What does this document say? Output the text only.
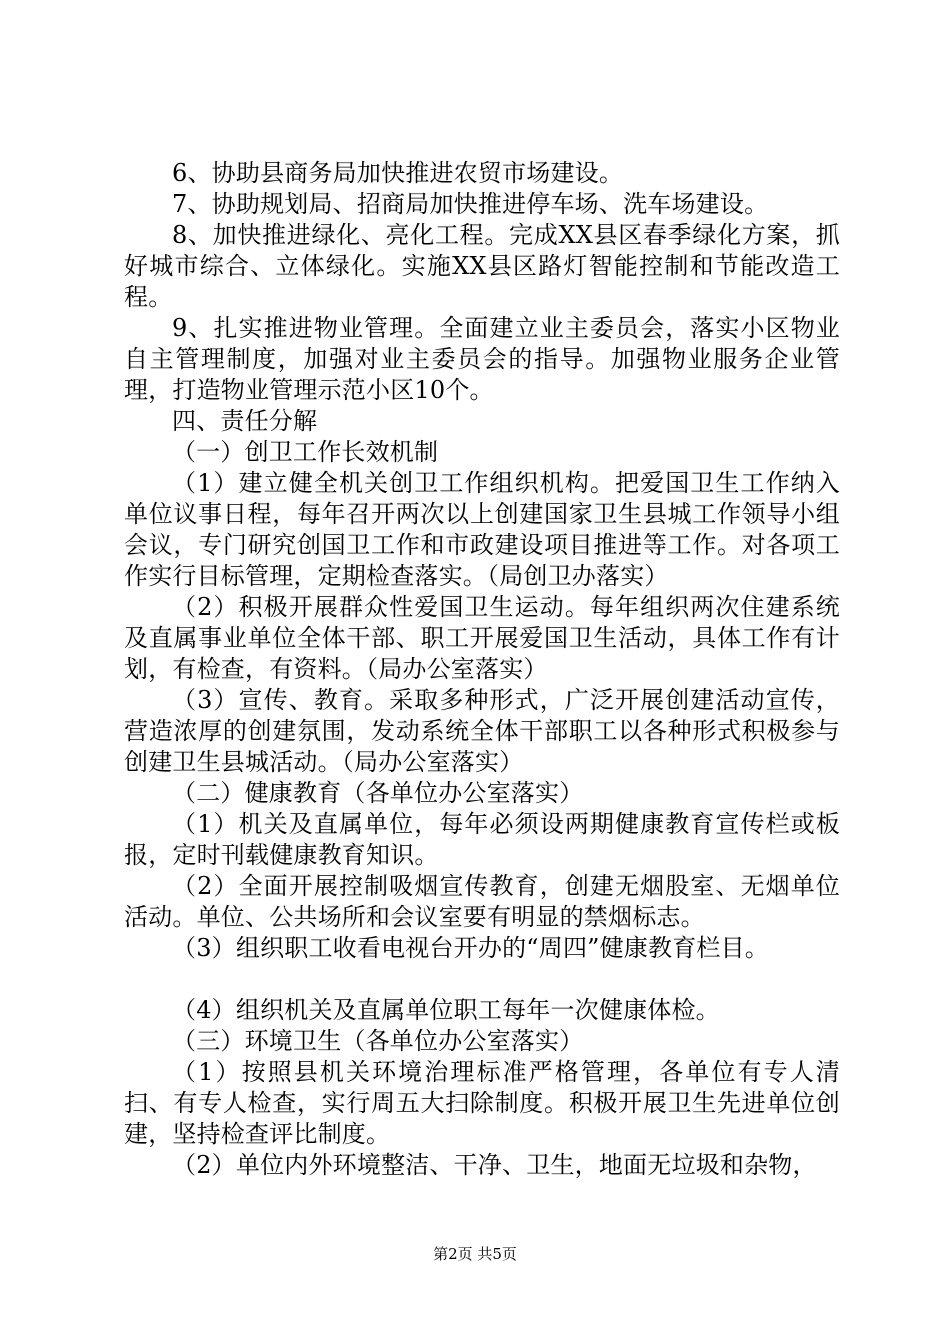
6、协助县商务局加快推进农贸市场建设。

7、协助规划局、招商局加快推进停车场、洗车场建设。

8、加快推进绿化、亮化工程。完成XX县区春季绿化方案，抓好城市综合、立体绿化。实施XX县区路灯智能控制和节能改造工程。

9、扎实推进物业管理。全面建立业主委员会，落实小区物业自主管理制度，加强对业主委员会的指导。加强物业服务企业管理，打造物业管理示范小区10个。

四、责任分解

（一）创卫工作长效机制

（1）建立健全机关创卫工作组织机构。把爱国卫生工作纳入单位议事日程，每年召开两次以上创建国家卫生县城工作领导小组会议，专门研究创国卫工作和市政建设项目推进等工作。对各项工作实行目标管理，定期检查落实。（局创卫办落实）

（2）积极开展群众性爱国卫生运动。每年组织两次住建系统及直属事业单位全体干部、职工开展爱国卫生活动，具体工作有计划，有检查，有资料。（局办公室落实）

（3）宣传、教育。采取多种形式，广泛开展创建活动宣传，营造浓厚的创建氛围，发动系统全体干部职工以各种形式积极参与创建卫生县城活动。（局办公室落实）

（二）健康教育（各单位办公室落实）

（1）机关及直属单位，每年必须设两期健康教育宣传栏或板报，定时刊载健康教育知识。

（2）全面开展控制吸烟宣传教育，创建无烟股室、无烟单位活动。单位、公共场所和会议室要有明显的禁烟标志。

（3）组织职工收看电视台开办的“周四”健康教育栏目。

（4）组织机关及直属单位职工每年一次健康体检。

（三）环境卫生（各单位办公室落实）

（1）按照县机关环境治理标准严格管理，各单位有专人清扫、有专人检查，实行周五大扫除制度。积极开展卫生先进单位创建，坚持检查评比制度。

（2）单位内外环境整洁、干净、卫生，地面无垃圾和杂物，

第2页 共5页
